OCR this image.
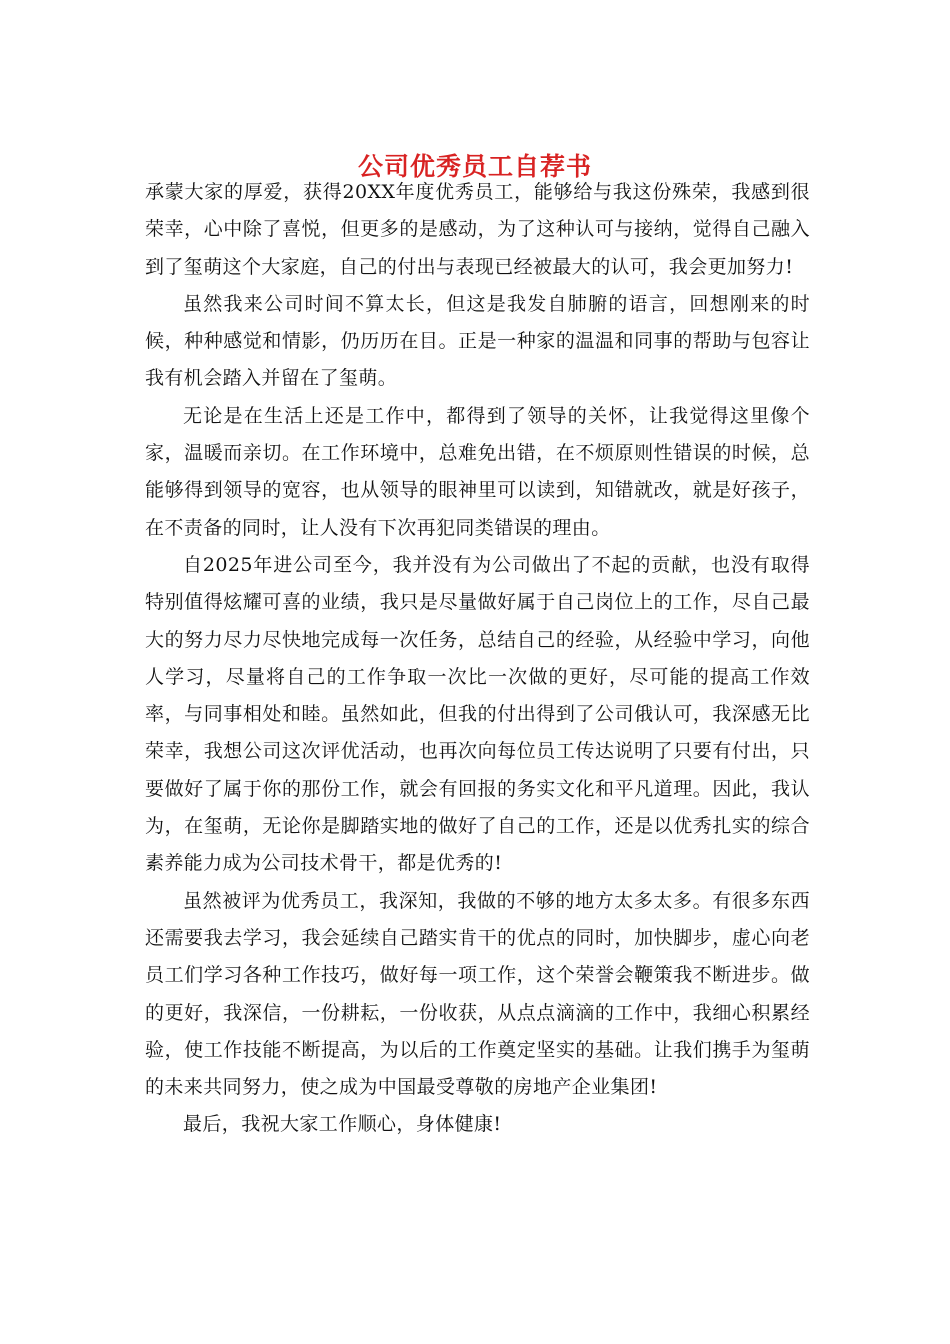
公司优秀员工自荐书

承蒙大家的厚爱，获得20XX年度优秀员工，能够给与我这份殊荣，我感到很荣幸，心中除了喜悦，但更多的是感动，为了这种认可与接纳，觉得自己融入到了玺萌这个大家庭，自己的付出与表现已经被最大的认可，我会更加努力!

虽然我来公司时间不算太长，但这是我发自肺腑的语言，回想刚来的时候，种种感觉和情影，仍历历在目。正是一种家的温温和同事的帮助与包容让我有机会踏入并留在了玺萌。

无论是在生活上还是工作中，都得到了领导的关怀，让我觉得这里像个家，温暖而亲切。在工作环境中，总难免出错，在不烦原则性错误的时候，总能够得到领导的宽容，也从领导的眼神里可以读到，知错就改，就是好孩子，在不责备的同时，让人没有下次再犯同类错误的理由。

自2025年进公司至今，我并没有为公司做出了不起的贡献，也没有取得特别值得炫耀可喜的业绩，我只是尽量做好属于自己岗位上的工作，尽自己最大的努力尽力尽快地完成每一次任务，总结自己的经验，从经验中学习，向他人学习，尽量将自己的工作争取一次比一次做的更好，尽可能的提高工作效率，与同事相处和睦。虽然如此，但我的付出得到了公司俄认可，我深感无比荣幸，我想公司这次评优活动，也再次向每位员工传达说明了只要有付出，只要做好了属于你的那份工作，就会有回报的务实文化和平凡道理。因此，我认为，在玺萌，无论你是脚踏实地的做好了自己的工作，还是以优秀扎实的综合素养能力成为公司技术骨干，都是优秀的!

虽然被评为优秀员工，我深知，我做的不够的地方太多太多。有很多东西还需要我去学习，我会延续自己踏实肯干的优点的同时，加快脚步，虚心向老员工们学习各种工作技巧，做好每一项工作，这个荣誉会鞭策我不断进步。做的更好，我深信，一份耕耘，一份收获，从点点滴滴的工作中，我细心积累经验，使工作技能不断提高，为以后的工作奠定坚实的基础。让我们携手为玺萌的未来共同努力，使之成为中国最受尊敬的房地产企业集团!

最后，我祝大家工作顺心，身体健康!
